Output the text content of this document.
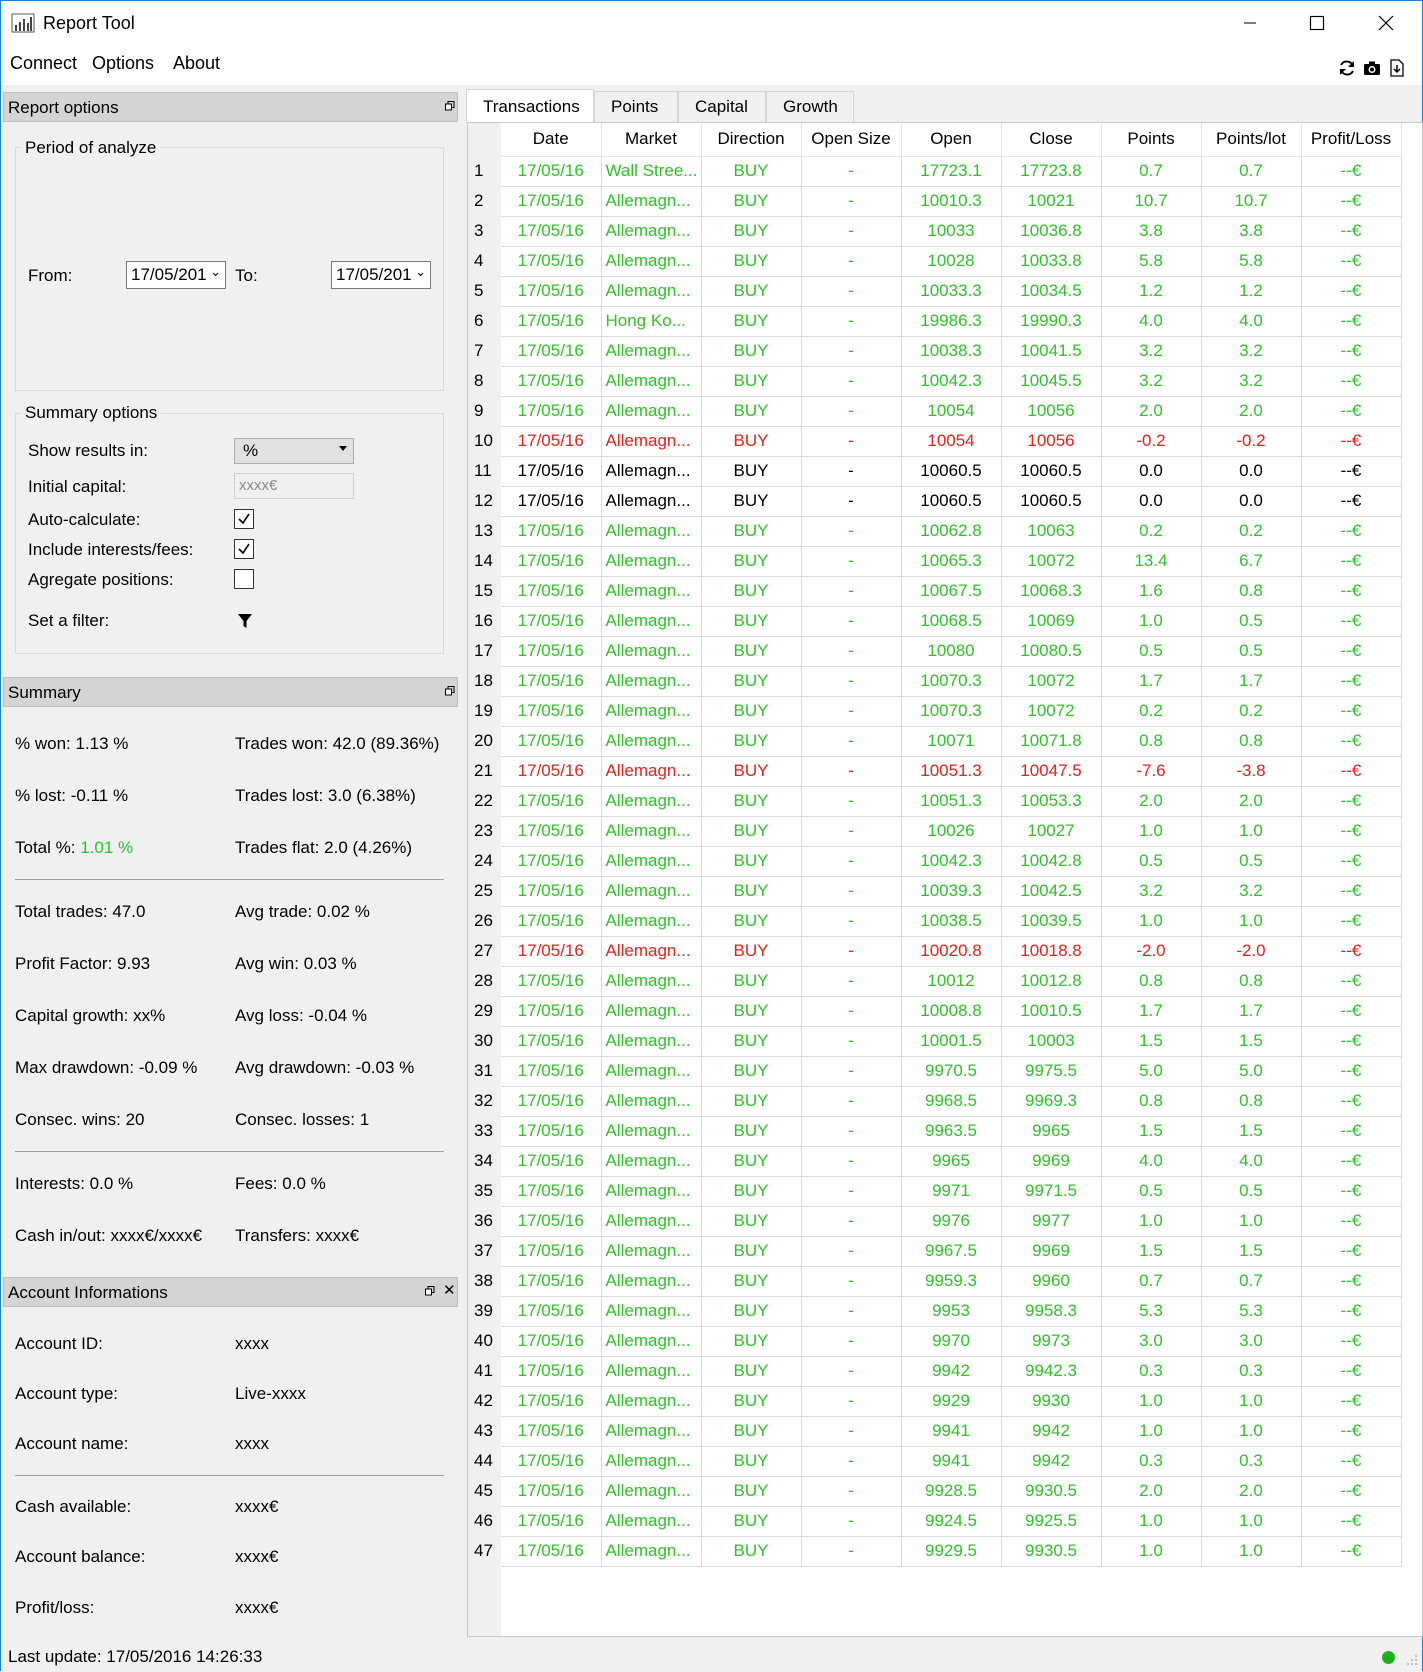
Report Tool
Connect Options About
Report options
Period of analyze
From:	17/05/201 ⌄ To:	17/05/201 ⌄
Summary options
Show results in:	%
Initial capital:	xxxx€
Auto-calculate:
Include interests/fees:
Agregate positions:
Set a filter:
Summary
% won: 1.13 %	Trades won: 42.0 (89.36%)
% lost: -0.11 %	Trades lost: 3.0 (6.38%)
Total %: 1.01 %	Trades flat: 2.0 (4.26%)
Total trades: 47.0	Avg trade: 0.02 %
Profit Factor: 9.93	Avg win: 0.03 %
Capital growth: xx%	Avg loss: -0.04 %
Max drawdown: -0.09 % Avg drawdown: -0.03 %
Consec. wins: 20	Consec. losses: 1
Interests: 0.0 %	Fees: 0.0 %
Cash in/out: xxxx€/xxxx€ Transfers: xxxx€
Account Informations	✕
Account ID:	xxxx
Account type:	Live-xxxx
Account name:	xxxx
Cash available:	xxxx€
Account balance:	xxxx€
Profit/loss:	xxxx€
Transactions	Points	Capital	Growth
	Date	Market	Direction	Open Size	Open	Close	Points	Points/lot	Profit/Loss
1	17/05/16	Wall Stree...	BUY	-	17723.1	17723.8	0.7	0.7	--€
2	17/05/16	Allemagn...	BUY	-	10010.3	10021	10.7	10.7	--€
3	17/05/16	Allemagn...	BUY	-	10033	10036.8	3.8	3.8	--€
4	17/05/16	Allemagn...	BUY	-	10028	10033.8	5.8	5.8	--€
5	17/05/16	Allemagn...	BUY	-	10033.3	10034.5	1.2	1.2	--€
6	17/05/16	Hong Ko...	BUY	-	19986.3	19990.3	4.0	4.0	--€
7	17/05/16	Allemagn...	BUY	-	10038.3	10041.5	3.2	3.2	--€
8	17/05/16	Allemagn...	BUY	-	10042.3	10045.5	3.2	3.2	--€
9	17/05/16	Allemagn...	BUY	-	10054	10056	2.0	2.0	--€
10	17/05/16	Allemagn...	BUY	-	10054	10056	-0.2	-0.2	--€
11	17/05/16	Allemagn...	BUY	-	10060.5	10060.5	0.0	0.0	--€
12	17/05/16	Allemagn...	BUY	-	10060.5	10060.5	0.0	0.0	--€
13	17/05/16	Allemagn...	BUY	-	10062.8	10063	0.2	0.2	--€
14	17/05/16	Allemagn...	BUY	-	10065.3	10072	13.4	6.7	--€
15	17/05/16	Allemagn...	BUY	-	10067.5	10068.3	1.6	0.8	--€
16	17/05/16	Allemagn...	BUY	-	10068.5	10069	1.0	0.5	--€
17	17/05/16	Allemagn...	BUY	-	10080	10080.5	0.5	0.5	--€
18	17/05/16	Allemagn...	BUY	-	10070.3	10072	1.7	1.7	--€
19	17/05/16	Allemagn...	BUY	-	10070.3	10072	0.2	0.2	--€
20	17/05/16	Allemagn...	BUY	-	10071	10071.8	0.8	0.8	--€
21	17/05/16	Allemagn...	BUY	-	10051.3	10047.5	-7.6	-3.8	--€
22	17/05/16	Allemagn...	BUY	-	10051.3	10053.3	2.0	2.0	--€
23	17/05/16	Allemagn...	BUY	-	10026	10027	1.0	1.0	--€
24	17/05/16	Allemagn...	BUY	-	10042.3	10042.8	0.5	0.5	--€
25	17/05/16	Allemagn...	BUY	-	10039.3	10042.5	3.2	3.2	--€
26	17/05/16	Allemagn...	BUY	-	10038.5	10039.5	1.0	1.0	--€
27	17/05/16	Allemagn...	BUY	-	10020.8	10018.8	-2.0	-2.0	--€
28	17/05/16	Allemagn...	BUY	-	10012	10012.8	0.8	0.8	--€
29	17/05/16	Allemagn...	BUY	-	10008.8	10010.5	1.7	1.7	--€
30	17/05/16	Allemagn...	BUY	-	10001.5	10003	1.5	1.5	--€
31	17/05/16	Allemagn...	BUY	-	9970.5	9975.5	5.0	5.0	--€
32	17/05/16	Allemagn...	BUY	-	9968.5	9969.3	0.8	0.8	--€
33	17/05/16	Allemagn...	BUY	-	9963.5	9965	1.5	1.5	--€
34	17/05/16	Allemagn...	BUY	-	9965	9969	4.0	4.0	--€
35	17/05/16	Allemagn...	BUY	-	9971	9971.5	0.5	0.5	--€
36	17/05/16	Allemagn...	BUY	-	9976	9977	1.0	1.0	--€
37	17/05/16	Allemagn...	BUY	-	9967.5	9969	1.5	1.5	--€
38	17/05/16	Allemagn...	BUY	-	9959.3	9960	0.7	0.7	--€
39	17/05/16	Allemagn...	BUY	-	9953	9958.3	5.3	5.3	--€
40	17/05/16	Allemagn...	BUY	-	9970	9973	3.0	3.0	--€
41	17/05/16	Allemagn...	BUY	-	9942	9942.3	0.3	0.3	--€
42	17/05/16	Allemagn...	BUY	-	9929	9930	1.0	1.0	--€
43	17/05/16	Allemagn...	BUY	-	9941	9942	1.0	1.0	--€
44	17/05/16	Allemagn...	BUY	-	9941	9942	0.3	0.3	--€
45	17/05/16	Allemagn...	BUY	-	9928.5	9930.5	2.0	2.0	--€
46	17/05/16	Allemagn...	BUY	-	9924.5	9925.5	1.0	1.0	--€
47	17/05/16	Allemagn...	BUY	-	9929.5	9930.5	1.0	1.0	--€
Last update: 17/05/2016 14:26:33
